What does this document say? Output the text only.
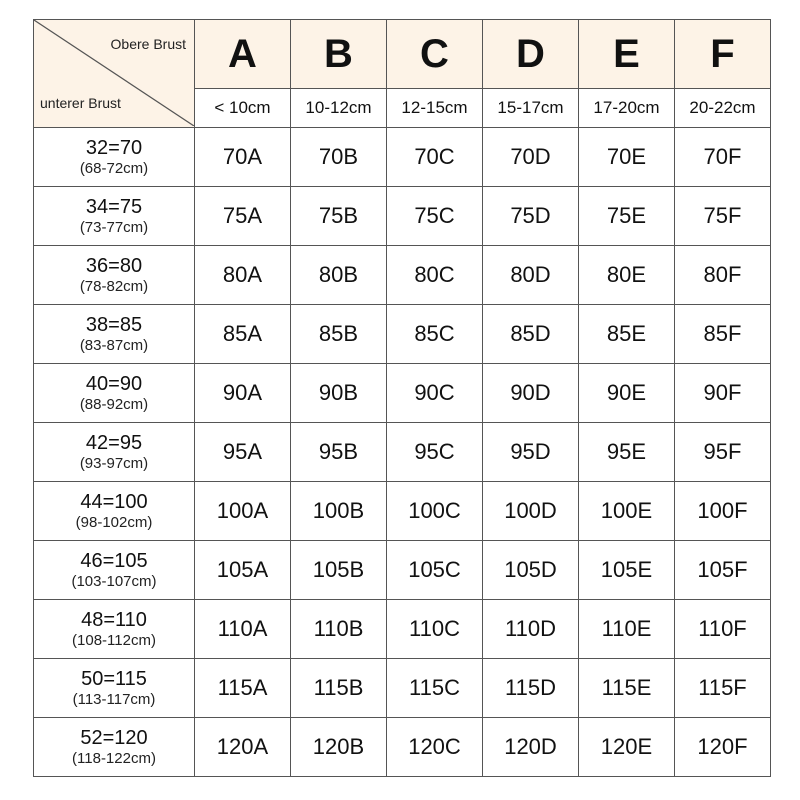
Obere Brust
unterer Brust	A	B	C	D	E	F
	< 10cm	10-12cm	12-15cm	15-17cm	17-20cm	20-22cm

32=70
(68-72cm)	70A	70B	70C	70D	70E	70F

34=75
(73-77cm)	75A	75B	75C	75D	75E	75F

36=80
(78-82cm)	80A	80B	80C	80D	80E	80F

38=85
(83-87cm)	85A	85B	85C	85D	85E	85F

40=90
(88-92cm)	90A	90B	90C	90D	90E	90F

42=95
(93-97cm)	95A	95B	95C	95D	95E	95F

44=100
(98-102cm)	100A	100B	100C	100D	100E	100F

46=105
(103-107cm)	105A	105B	105C	105D	105E	105F

48=110
(108-112cm)	110A	110B	110C	110D	110E	110F

50=115
(113-117cm)	115A	115B	115C	115D	115E	115F

52=120
(118-122cm)	120A	120B	120C	120D	120E	120F
